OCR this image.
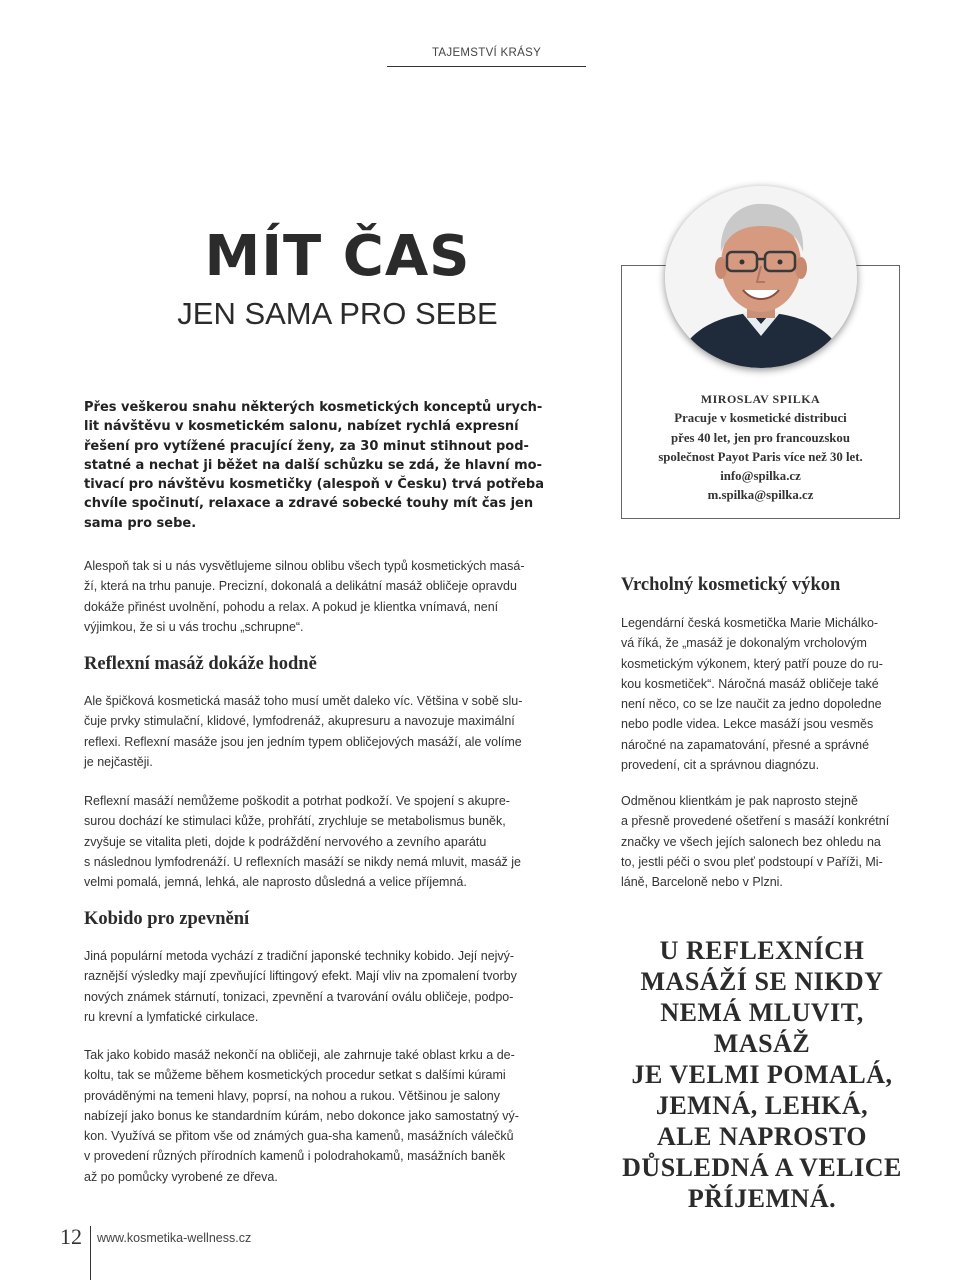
TAJEMSTVÍ KRÁSY
MÍT ČAS
JEN SAMA PRO SEBE
Přes veškerou snahu některých kosmetických konceptů urych-
lit návštěvu v kosmetickém salonu, nabízet rychlá expresní
řešení pro vytížené pracující ženy, za 30 minut stihnout pod-
statné a nechat ji běžet na další schůzku se zdá, že hlavní mo-
tivací pro návštěvu kosmetičky (alespoň v Česku) trvá potřeba
chvíle spočinutí, relaxace a zdravé sobecké touhy mít čas jen
sama pro sebe.
Alespoň tak si u nás vysvětlujeme silnou oblibu všech typů kosmetických masá-
ží, která na trhu panuje. Precizní, dokonalá a delikátní masáž obličeje opravdu
dokáže přinést uvolnění, pohodu a relax. A pokud je klientka vnímavá, není
výjimkou, že si u vás trochu „schrupne“.
Reflexní masáž dokáže hodně
Ale špičková kosmetická masáž toho musí umět daleko víc. Většina v sobě slu-
čuje prvky stimulační, klidové, lymfodrenáž, akupresuru a navozuje maximální
reflexi. Reflexní masáže jsou jen jedním typem obličejových masáží, ale volíme
je nejčastěji.
Reflexní masáží nemůžeme poškodit a potrhat podkoží. Ve spojení s akupre-
surou dochází ke stimulaci kůže, prohřátí, zrychluje se metabolismus buněk,
zvyšuje se vitalita pleti, dojde k podráždění nervového a zevního aparátu
s následnou lymfodrenáží. U reflexních masáží se nikdy nemá mluvit, masáž je
velmi pomalá, jemná, lehká, ale naprosto důsledná a velice příjemná.
Kobido pro zpevnění
Jiná populární metoda vychází z tradiční japonské techniky kobido. Její nejvý-
raznější výsledky mají zpevňující liftingový efekt. Mají vliv na zpomalení tvorby
nových známek stárnutí, tonizaci, zpevnění a tvarování oválu obličeje, podpo-
ru krevní a lymfatické cirkulace.
Tak jako kobido masáž nekončí na obličeji, ale zahrnuje také oblast krku a de-
koltu, tak se můžeme během kosmetických procedur setkat s dalšími kúrami
prováděnými na temeni hlavy, poprsí, na nohou a rukou. Většinou je salony
nabízejí jako bonus ke standardním kúrám, nebo dokonce jako samostatný vý-
kon. Využívá se přitom vše od známých gua-sha kamenů, masážních válečků
v provedení různých přírodních kamenů i polodrahokamů, masážních baněk
až po pomůcky vyrobené ze dřeva.
MIROSLAV SPILKA
Pracuje v kosmetické distribuci
přes 40 let, jen pro francouzskou
společnost Payot Paris více než 30 let.
info@spilka.cz
m.spilka@spilka.cz
Vrcholný kosmetický výkon
Legendární česká kosmetička Marie Michálko-
vá říká, že „masáž je dokonalým vrcholovým
kosmetickým výkonem, který patří pouze do ru-
kou kosmetiček“. Náročná masáž obličeje také
není něco, co se lze naučit za jedno dopoledne
nebo podle videa. Lekce masáží jsou vesměs
náročné na zapamatování, přesné a správné
provedení, cit a správnou diagnózu.
Odměnou klientkám je pak naprosto stejně
a přesně provedené ošetření s masáží konkrétní
značky ve všech jejích salonech bez ohledu na
to, jestli péči o svou pleť podstoupí v Paříži, Mi-
láně, Barceloně nebo v Plzni.
U REFLEXNÍCH
MASÁŽÍ SE NIKDY
NEMÁ MLUVIT, MASÁŽ
JE VELMI POMALÁ,
JEMNÁ, LEHKÁ,
ALE NAPROSTO
DŮSLEDNÁ A VELICE
PŘÍJEMNÁ.
12 www.kosmetika-wellness.cz
